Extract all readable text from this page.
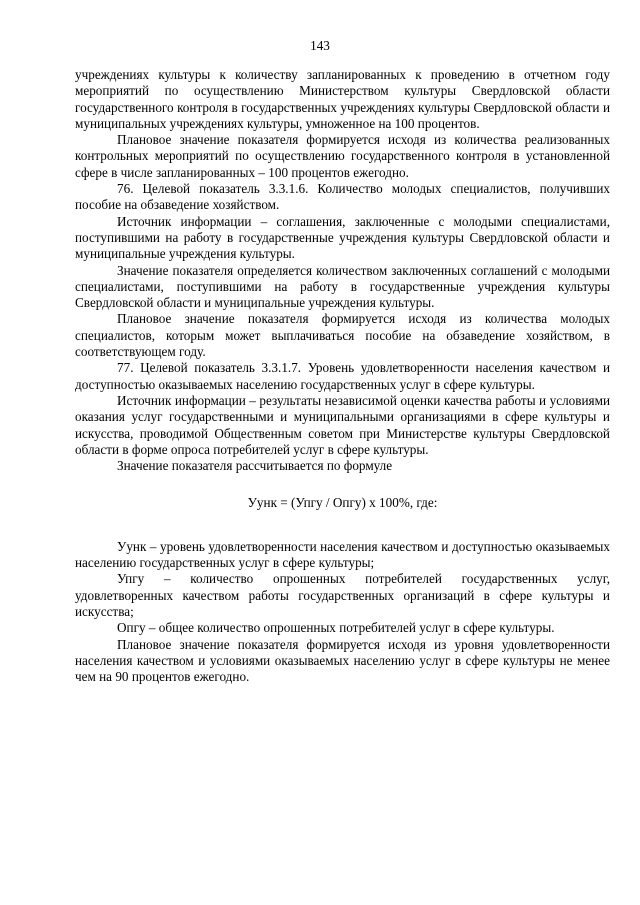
143

учреждениях культуры к количеству запланированных к проведению в отчетном году мероприятий по осуществлению Министерством культуры Свердловской области государственного контроля в государственных учреждениях культуры Свердловской области и муниципальных учреждениях культуры, умноженное на 100 процентов.

Плановое значение показателя формируется исходя из количества реализованных контрольных мероприятий по осуществлению государственного контроля в установленной сфере в числе запланированных – 100 процентов ежегодно.

76. Целевой показатель 3.3.1.6. Количество молодых специалистов, получивших пособие на обзаведение хозяйством.

Источник информации – соглашения, заключенные с молодыми специалистами, поступившими на работу в государственные учреждения культуры Свердловской области и муниципальные учреждения культуры.

Значение показателя определяется количеством заключенных соглашений с молодыми специалистами, поступившими на работу в государственные учреждения культуры Свердловской области и муниципальные учреждения культуры.

Плановое значение показателя формируется исходя из количества молодых специалистов, которым может выплачиваться пособие на обзаведение хозяйством, в соответствующем году.

77. Целевой показатель 3.3.1.7. Уровень удовлетворенности населения качеством и доступностью оказываемых населению государственных услуг в сфере культуры.

Источник информации – результаты независимой оценки качества работы и условиями оказания услуг государственными и муниципальными организациями в сфере культуры и искусства, проводимой Общественным советом при Министерстве культуры Свердловской области в форме опроса потребителей услуг в сфере культуры.

Значение показателя рассчитывается по формуле

Уунк = (Упгу / Опгу) х 100%, где:

Уунк – уровень удовлетворенности населения качеством и доступностью оказываемых населению государственных услуг в сфере культуры;

Упгу – количество опрошенных потребителей государственных услуг, удовлетворенных качеством работы государственных организаций в сфере культуры и искусства;

Опгу – общее количество опрошенных потребителей услуг в сфере культуры.

Плановое значение показателя формируется исходя из уровня удовлетворенности населения качеством и условиями оказываемых населению услуг в сфере культуры не менее чем на 90 процентов ежегодно.
